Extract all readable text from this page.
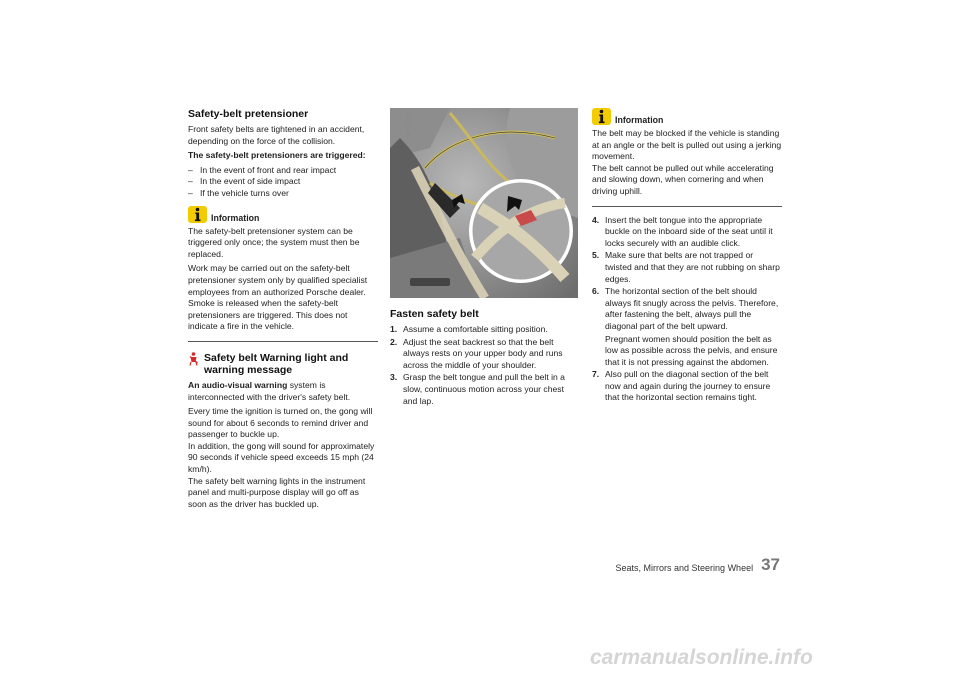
Safety-belt pretensioner

Front safety belts are tightened in an accident, depending on the force of the collision.

The safety-belt pretensioners are triggered:

– In the event of front and rear impact
– In the event of side impact
– If the vehicle turns over
Information

The safety-belt pretensioner system can be triggered only once; the system must then be replaced.

Work may be carried out on the safety-belt pretensioner system only by qualified specialist employees from an authorized Porsche dealer. Smoke is released when the safety-belt pretensioners are triggered. This does not indicate a fire in the vehicle.

Safety belt Warning light and warning message

An audio-visual warning system is interconnected with the driver's safety belt.

Every time the ignition is turned on, the gong will sound for about 6 seconds to remind driver and passenger to buckle up.

In addition, the gong will sound for approximately 90 seconds if vehicle speed exceeds 15 mph (24 km/h).

The safety belt warning lights in the instrument panel and multi-purpose display will go off as soon as the driver has buckled up.

9C1_027
Fasten safety belt
1. Assume a comfortable sitting position.
2. Adjust the seat backrest so that the belt always rests on your upper body and runs across the middle of your shoulder.
3. Grasp the belt tongue and pull the belt in a slow, continuous motion across your chest and lap.
Information

The belt may be blocked if the vehicle is standing at an angle or the belt is pulled out using a jerking movement.

The belt cannot be pulled out while accelerating and slowing down, when cornering and when driving uphill.

4. Insert the belt tongue into the appropriate buckle on the inboard side of the seat until it locks securely with an audible click.
5. Make sure that belts are not trapped or twisted and that they are not rubbing on sharp edges.
6. The horizontal section of the belt should always fit snugly across the pelvis. Therefore, after fastening the belt, always pull the diagonal part of the belt upward.
Pregnant women should position the belt as low as possible across the pelvis, and ensure that it is not pressing against the abdomen.
7. Also pull on the diagonal section of the belt now and again during the journey to ensure that the horizontal section remains tight.
Seats, Mirrors and Steering Wheel 37
carmanualsonline.info
